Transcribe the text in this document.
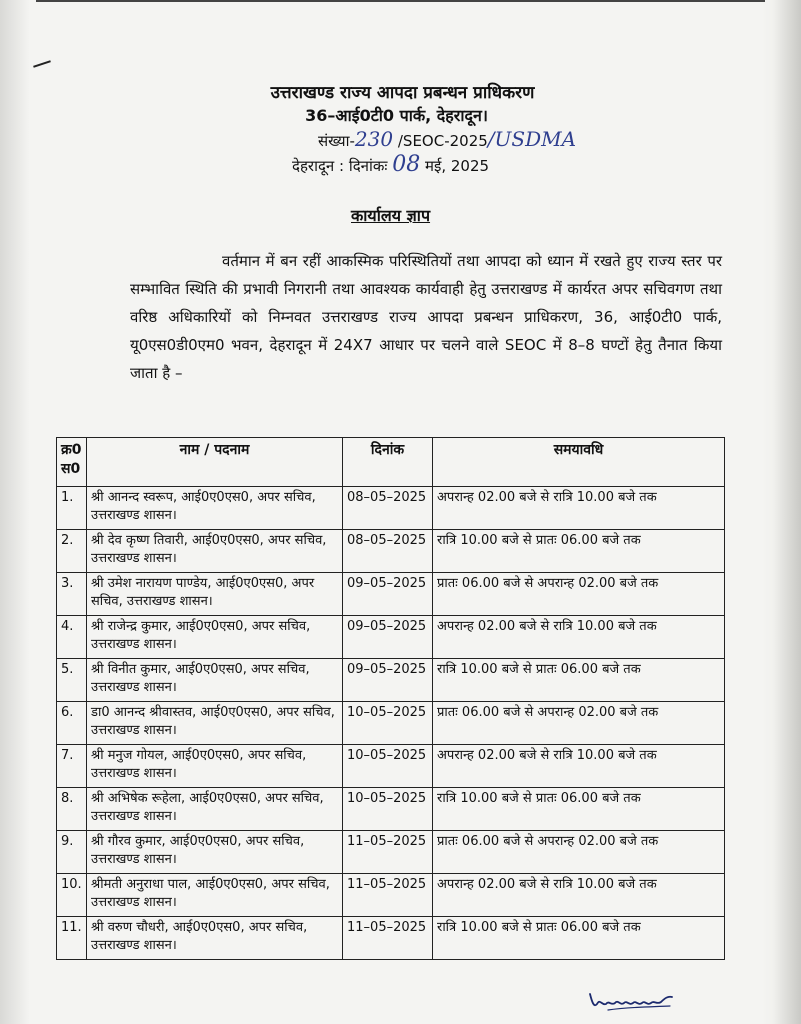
उत्तराखण्ड राज्य आपदा प्रबन्धन प्राधिकरण
36–आई0टी0 पार्क, देहरादून।
संख्या-230 /SEOC-2025/USDMA
देहरादून : दिनांकः 08 मई, 2025
कार्यालय ज्ञाप
वर्तमान में बन रहीं आकस्मिक परिस्थितियों तथा आपदा को ध्यान में रखते हुए राज्य स्तर पर सम्भावित स्थिति की प्रभावी निगरानी तथा आवश्यक कार्यवाही हेतु उत्तराखण्ड में कार्यरत अपर सचिवगण तथा वरिष्ठ अधिकारियों को निम्नवत उत्तराखण्ड राज्य आपदा प्रबन्धन प्राधिकरण, 36, आई0टी0 पार्क, यू0एस0डी0एम0 भवन, देहरादून में 24X7 आधार पर चलने वाले SEOC में 8–8 घण्टों हेतु तैनात किया जाता है –
क्र0 स0	नाम / पदनाम	दिनांक	समयावधि
1.	श्री आनन्द स्वरूप, आई0ए0एस0, अपर सचिव, उत्तराखण्ड शासन।	08–05–2025	अपरान्ह 02.00 बजे से रात्रि 10.00 बजे तक
2.	श्री देव कृष्ण तिवारी, आई0ए0एस0, अपर सचिव, उत्तराखण्ड शासन।	08–05–2025	रात्रि 10.00 बजे से प्रातः 06.00 बजे तक
3.	श्री उमेश नारायण पाण्डेय, आई0ए0एस0, अपर सचिव, उत्तराखण्ड शासन।	09–05–2025	प्रातः 06.00 बजे से अपरान्ह 02.00 बजे तक
4.	श्री राजेन्द्र कुमार, आई0ए0एस0, अपर सचिव, उत्तराखण्ड शासन।	09–05–2025	अपरान्ह 02.00 बजे से रात्रि 10.00 बजे तक
5.	श्री विनीत कुमार, आई0ए0एस0, अपर सचिव, उत्तराखण्ड शासन।	09–05–2025	रात्रि 10.00 बजे से प्रातः 06.00 बजे तक
6.	डा0 आनन्द श्रीवास्तव, आई0ए0एस0, अपर सचिव, उत्तराखण्ड शासन।	10–05–2025	प्रातः 06.00 बजे से अपरान्ह 02.00 बजे तक
7.	श्री मनुज गोयल, आई0ए0एस0, अपर सचिव, उत्तराखण्ड शासन।	10–05–2025	अपरान्ह 02.00 बजे से रात्रि 10.00 बजे तक
8.	श्री अभिषेक रूहेला, आई0ए0एस0, अपर सचिव, उत्तराखण्ड शासन।	10–05–2025	रात्रि 10.00 बजे से प्रातः 06.00 बजे तक
9.	श्री गौरव कुमार, आई0ए0एस0, अपर सचिव, उत्तराखण्ड शासन।	11–05–2025	प्रातः 06.00 बजे से अपरान्ह 02.00 बजे तक
10.	श्रीमती अनुराधा पाल, आई0ए0एस0, अपर सचिव, उत्तराखण्ड शासन।	11–05–2025	अपरान्ह 02.00 बजे से रात्रि 10.00 बजे तक
11.	श्री वरुण चौधरी, आई0ए0एस0, अपर सचिव, उत्तराखण्ड शासन।	11–05–2025	रात्रि 10.00 बजे से प्रातः 06.00 बजे तक
